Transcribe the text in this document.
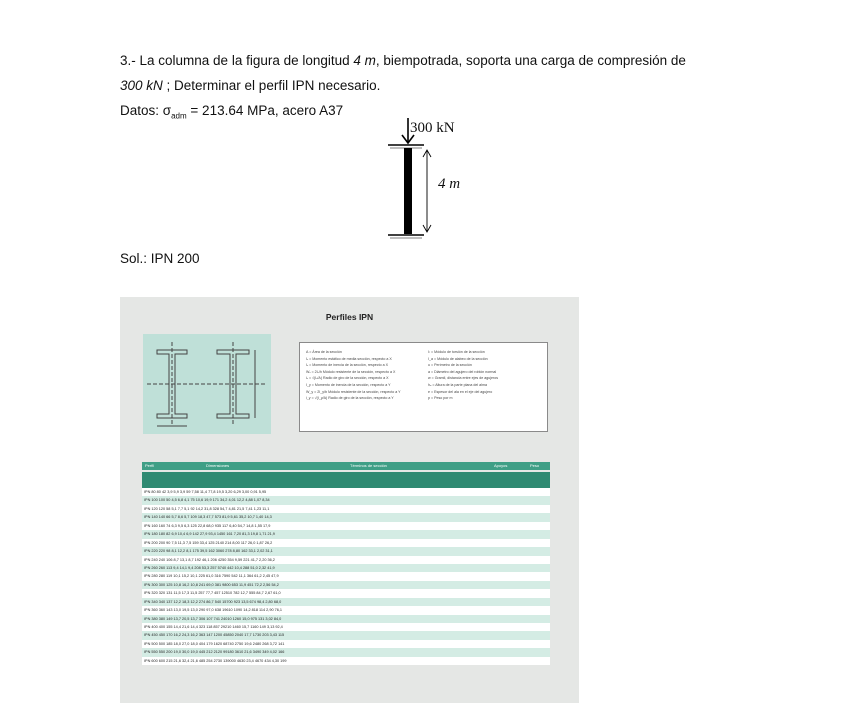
3.- La columna de la figura de longitud 4 m, biempotrada, soporta una carga de compresión de
300 kN ; Determinar el perfil IPN necesario.
Datos: $\sigma_{adm} = 213.64$ MPa, acero A37
300 kN
4 m
Sol.: IPN 200
Perfiles IPN
A = Área de la sección
Iₓ = Momento estático de media sección, respecto a X
Iₓ = Momento de inercia de la sección, respecto a X
Wₓ = 2Iₓ/h Módulo resistente de la sección, respecto a X
iₓ = √(Iₓ/A) Radio de giro de la sección, respecto a X
I_y = Momento de inercia de la sección, respecto a Y
W_y = 2I_y/b Módulo resistente de la sección, respecto a Y
i_y = √(I_y/A) Radio de giro de la sección, respecto a Y
Iₜ = Módulo de torsión de la sección
I_a = Módulo de alabeo de la sección
u = Perímetro de la sección
a = Diámetro del agujero del roblón normal
w = Gramil, distancia entre ejes de agujeros
hₐ = Altura de la parte plana del alma
e = Espesor del ala en el eje del agujero
p = Peso por m
Perfil	Dimensiones	Términos de sección	Apoyos	Peso
IPN 80 80 42 3,9 5,9 3,9 59 7,58 11,4 77,8 19,5 3,20 6,29 3,00 0,91 5,95
IPN 100 100 50 4,5 6,8 4,1 75 10,6 19,9 171 34,2 4,01 12,2 4,88 1,07 8,34
IPN 120 120 58 5,1 7,7 5,1 92 14,2 31,8 328 54,7 4,81 21,5 7,41 1,23 11,1
IPN 140 140 66 5,7 8,6 5,7 109 18,3 47,7 573 81,9 5,61 35,2 10,7 1,40 14,3
IPN 160 160 74 6,3 9,5 6,3 125 22,8 68,0 935 117 6,40 54,7 14,8 1,55 17,9
IPN 180 180 82 6,9 10,4 6,9 142 27,9 93,4 1450 161 7,20 81,3 19,8 1,71 21,9
IPN 200 200 90 7,5 11,3 7,5 159 33,4 125 2140 214 8,00 117 26,0 1,87 26,2
IPN 220 220 98 8,1 12,2 8,1 175 39,5 162 3060 278 8,80 162 33,1 2,02 31,1
IPN 240 240 106 8,7 13,1 8,7 192 46,1 206 4250 354 9,59 221 41,7 2,20 36,2
IPN 260 260 113 9,4 14,1 9,4 208 53,3 257 5740 442 10,4 288 51,0 2,32 41,9
IPN 280 280 119 10,1 15,2 10,1 225 61,0 316 7590 542 11,1 364 61,2 2,45 47,9
IPN 300 300 125 10,8 16,2 10,8 241 69,0 381 9800 653 11,9 451 72,2 2,56 54,2
IPN 320 320 131 11,5 17,3 11,5 257 77,7 457 12510 782 12,7 555 84,7 2,67 61,0
IPN 340 340 137 12,2 18,3 12,2 274 86,7 540 15700 923 13,5 674 98,4 2,80 68,0
IPN 360 360 143 13,0 19,5 13,0 290 97,0 638 19610 1090 14,2 818 114 2,90 76,1
IPN 380 380 149 13,7 20,5 13,7 306 107 741 24010 1260 15,0 975 131 3,02 84,0
IPN 400 400 155 14,4 21,6 14,4 323 118 857 29210 1460 15,7 1160 149 3,13 92,4
IPN 450 450 170 16,2 24,3 16,2 363 147 1200 45850 2040 17,7 1730 203 3,43 115
IPN 500 500 185 18,0 27,0 18,0 404 179 1620 68740 2750 19,6 2480 268 3,72 141
IPN 550 550 200 19,0 30,0 19,0 445 212 2120 99180 3610 21,6 3490 349 4,02 166
IPN 600 600 215 21,6 32,4 21,6 485 254 2730 139000 4630 23,4 4670 434 4,30 199
